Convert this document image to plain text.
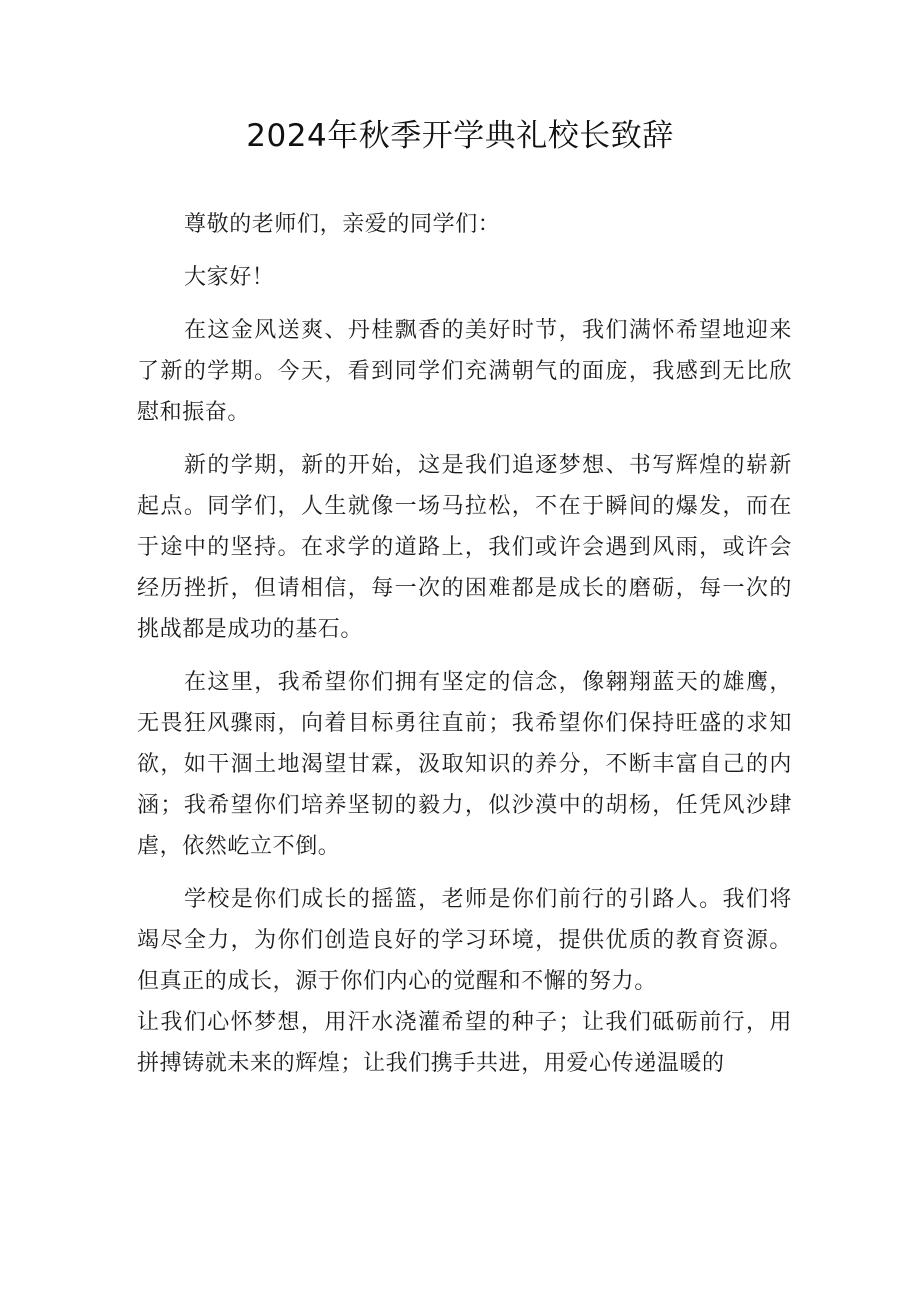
2024年秋季开学典礼校长致辞

尊敬的老师们，亲爱的同学们：

大家好！

在这金风送爽、丹桂飘香的美好时节，我们满怀希望地迎来了新的学期。今天，看到同学们充满朝气的面庞，我感到无比欣慰和振奋。

新的学期，新的开始，这是我们追逐梦想、书写辉煌的崭新起点。同学们，人生就像一场马拉松，不在于瞬间的爆发，而在于途中的坚持。在求学的道路上，我们或许会遇到风雨，或许会经历挫折，但请相信，每一次的困难都是成长的磨砺，每一次的挑战都是成功的基石。

在这里，我希望你们拥有坚定的信念，像翱翔蓝天的雄鹰，无畏狂风骤雨，向着目标勇往直前；我希望你们保持旺盛的求知欲，如干涸土地渴望甘霖，汲取知识的养分，不断丰富自己的内涵；我希望你们培养坚韧的毅力，似沙漠中的胡杨，任凭风沙肆虐，依然屹立不倒。

学校是你们成长的摇篮，老师是你们前行的引路人。我们将竭尽全力，为你们创造良好的学习环境，提供优质的教育资源。但真正的成长，源于你们内心的觉醒和不懈的努力。

让我们心怀梦想，用汗水浇灌希望的种子；让我们砥砺前行，用拼搏铸就未来的辉煌；让我们携手共进，用爱心传递温暖的
